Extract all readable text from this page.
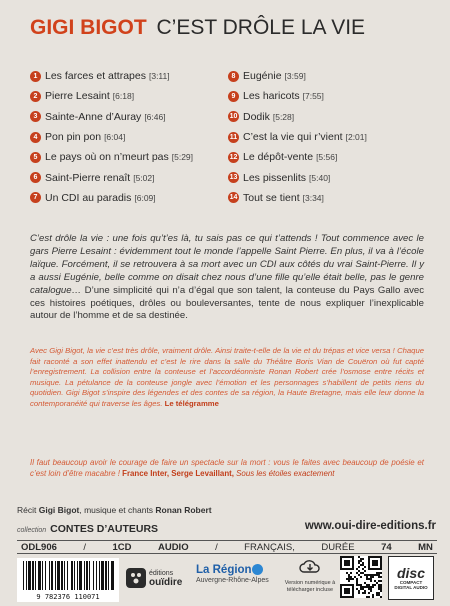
GIGI BIGOT C’EST DRÔLE LA VIE
1 Les farces et attrapes [3:11]
2 Pierre Lesaint [6:18]
3 Sainte-Anne d’Auray [6:46]
4 Pon pin pon [6:04]
5 Le pays où on n’meurt pas [5:29]
6 Saint-Pierre renaît [5:02]
7 Un CDI au paradis [6:09]
8 Eugénie [3:59]
9 Les haricots [7:55]
10 Dodik [5:28]
11 C’est la vie qui r’vient [2:01]
12 Le dépôt-vente [5:56]
13 Les pissenlits [5:40]
14 Tout se tient [3:34]

C’est drôle la vie : une fois qu’t’es là, tu sais pas ce qui t’attends ! Tout commence avec le gars Pierre Lesaint : évidemment tout le monde l’appelle Saint Pierre. En plus, il va à l’école laïque. Forcément, il se retrouvera à sa mort avec un CDI aux côtés du vrai Saint-Pierre. Il y a aussi Eugénie, belle comme on disait chez nous d’une fille qu’elle était belle, pas le genre catalogue… D’une simplicité qui n’a d’égal que son talent, la conteuse du Pays Gallo avec ces histoires poétiques, drôles ou bouleversantes, tente de nous expliquer l’inexplicable autour de l’homme et de sa destinée.

Avec Gigi Bigot, la vie c’est très drôle, vraiment drôle. Ainsi traite-t-elle de la vie et du trépas et vice versa ! Chaque fait raconté a son effet inattendu et c’est le rire dans la salle du Théâtre Boris Vian de Couëron où fut capté l’enregistrement. La collision entre la conteuse et l’accordéonniste Ronan Robert crée l’osmose entre récits et musique. La pétulance de la conteuse jongle avec l’émotion et les personnages s’habillent de petits riens du quotidien. Gigi Bigot s’inspire des légendes et des contes de sa région, la Haute Bretagne, mais elle leur donne la contemporanéité qui traverse les âges. Le télégramme

Il faut beaucoup avoir le courage de faire un spectacle sur la mort : vous le faites avec beaucoup de poésie et c’est loin d’être macabre ! France Inter, Serge Levaillant, Sous les étoiles exactement

Récit Gigi Bigot, musique et chants Ronan Robert
collection CONTES D’AUTEURS	www.oui-dire-editions.fr
ODL906	/	1CD	AUDIO	/	FRANÇAIS,	DURÉE	74	MN
9 782376 110071
éditions
ouïdire
La Région
Auvergne-Rhône-Alpes	Version numérique à télécharger incluse
disc
COMPACT
DIGITAL AUDIO
